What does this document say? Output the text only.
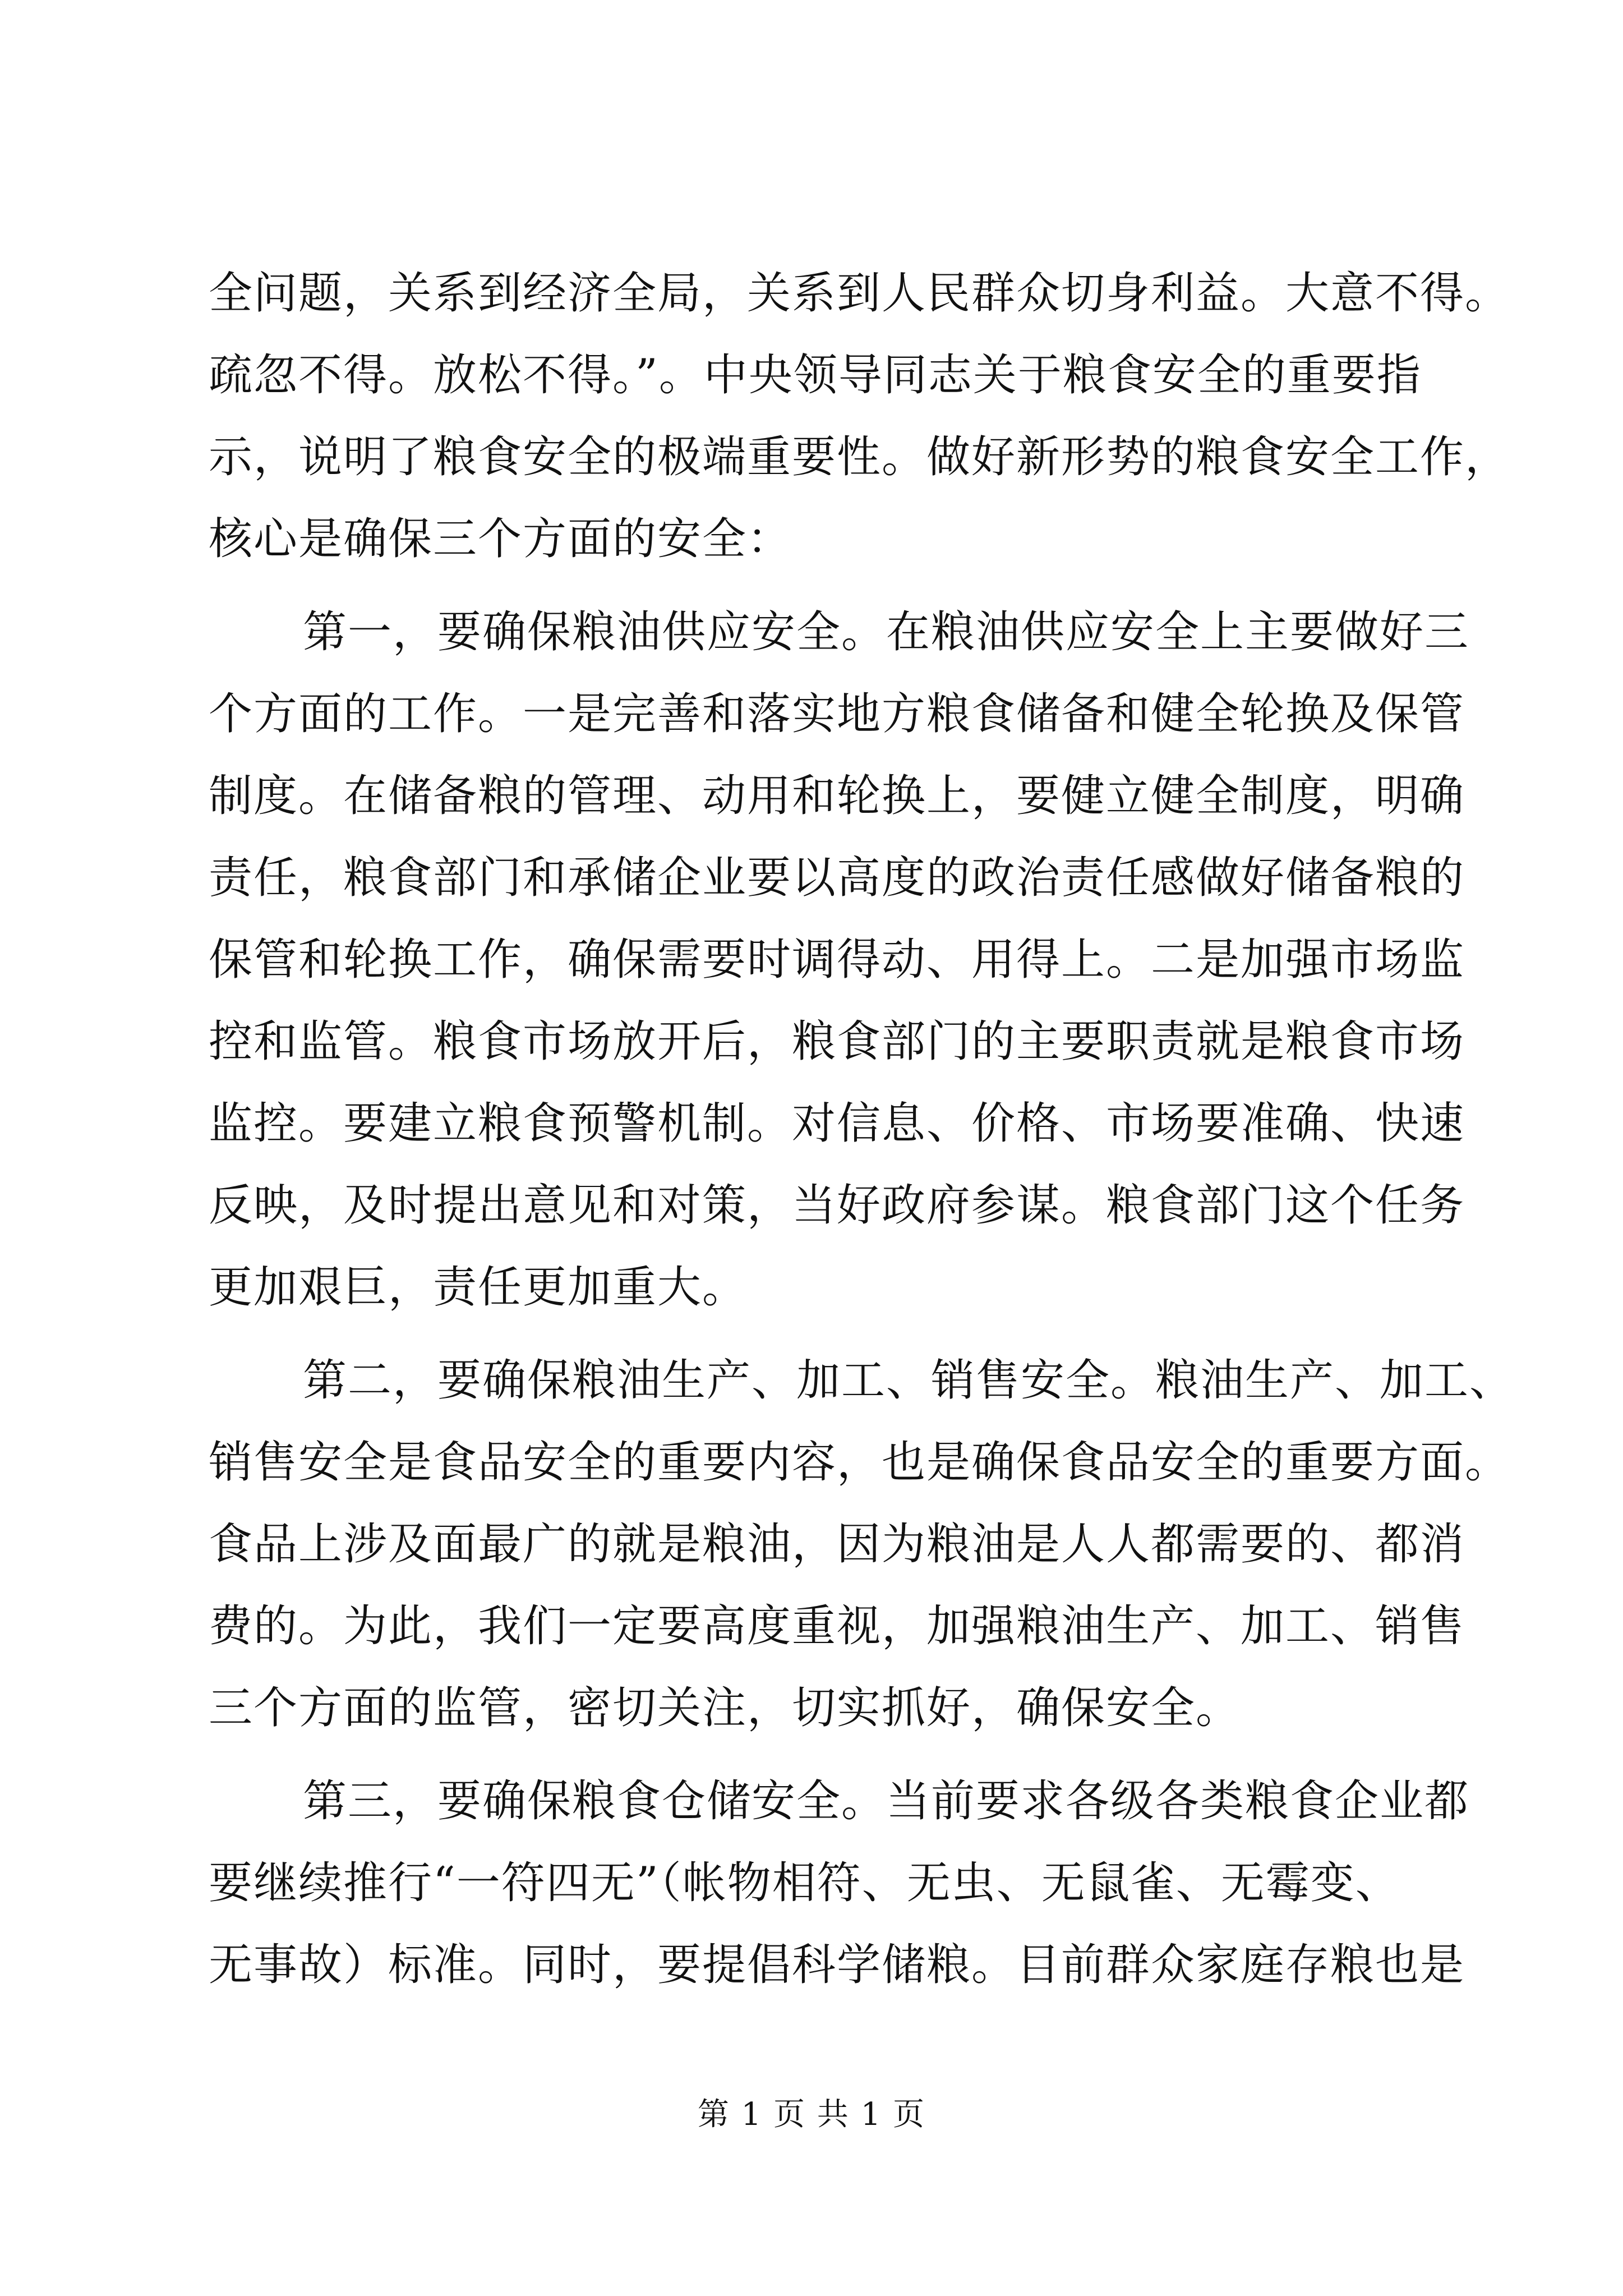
全问题，关系到经济全局，关系到人民群众切身利益。大意不得。
疏忽不得。放松不得。”。中央领导同志关于粮食安全的重要指
示，说明了粮食安全的极端重要性。做好新形势的粮食安全工作，
核心是确保三个方面的安全：
第一，要确保粮油供应安全。在粮油供应安全上主要做好三
个方面的工作。一是完善和落实地方粮食储备和健全轮换及保管
制度。在储备粮的管理、动用和轮换上，要健立健全制度，明确
责任，粮食部门和承储企业要以高度的政治责任感做好储备粮的
保管和轮换工作，确保需要时调得动、用得上。二是加强市场监
控和监管。粮食市场放开后，粮食部门的主要职责就是粮食市场
监控。要建立粮食预警机制。对信息、价格、市场要准确、快速
反映，及时提出意见和对策，当好政府参谋。粮食部门这个任务
更加艰巨，责任更加重大。
第二，要确保粮油生产、加工、销售安全。粮油生产、加工、
销售安全是食品安全的重要内容，也是确保食品安全的重要方面。
食品上涉及面最广的就是粮油，因为粮油是人人都需要的、都消
费的。为此，我们一定要高度重视，加强粮油生产、加工、销售
三个方面的监管，密切关注，切实抓好，确保安全。
第三，要确保粮食仓储安全。当前要求各级各类粮食企业都
要继续推行“一符四无”（帐物相符、无虫、无鼠雀、无霉变、
无事故）标准。同时，要提倡科学储粮。目前群众家庭存粮也是
第 1 页 共 1 页
